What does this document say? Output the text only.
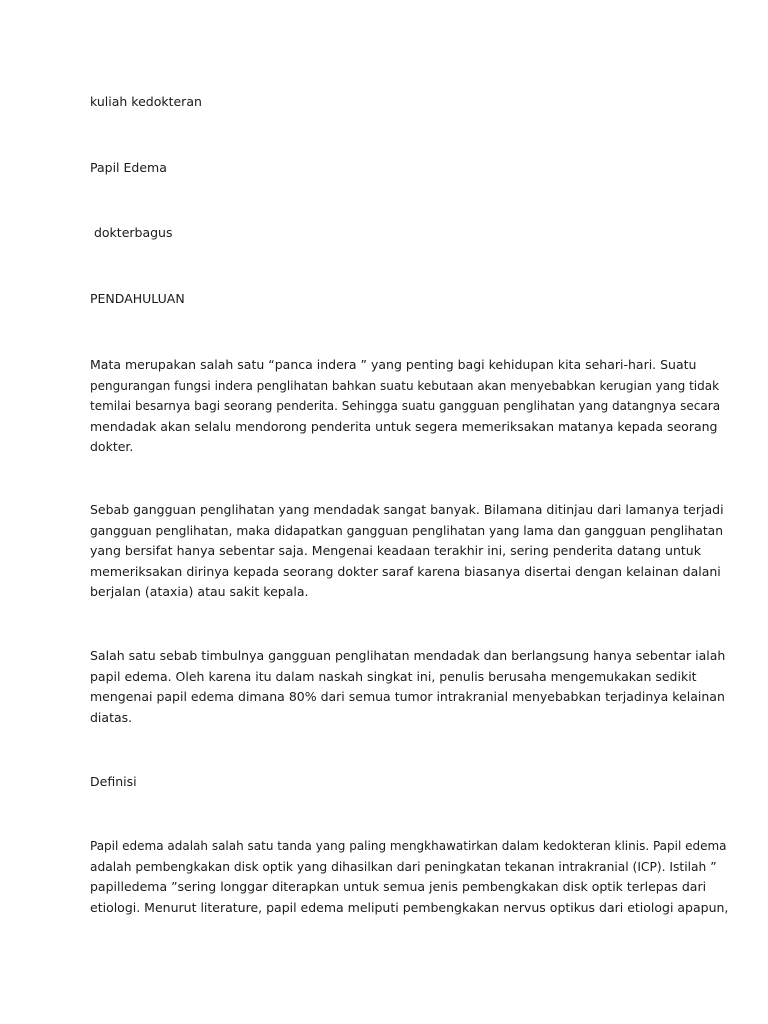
kuliah kedokteran

Papil Edema

dokterbagus

PENDAHULUAN

Mata merupakan salah satu “panca indera ” yang penting bagi kehidupan kita sehari-hari. Suatu
pengurangan fungsi indera penglihatan bahkan suatu kebutaan akan menyebabkan kerugian yang tidak
temilai besarnya bagi seorang penderita. Sehingga suatu gangguan penglihatan yang datangnya secara
mendadak akan selalu mendorong penderita untuk segera memeriksakan matanya kepada seorang
dokter.
Sebab gangguan penglihatan yang mendadak sangat banyak. Bilamana ditinjau dari lamanya terjadi
gangguan penglihatan, maka didapatkan gangguan penglihatan yang lama dan gangguan penglihatan
yang bersifat hanya sebentar saja. Mengenai keadaan terakhir ini, sering penderita datang untuk
memeriksakan dirinya kepada seorang dokter saraf karena biasanya disertai dengan kelainan dalani
berjalan (ataxia) atau sakit kepala.
Salah satu sebab timbulnya gangguan penglihatan mendadak dan berlangsung hanya sebentar ialah
papil edema. Oleh karena itu dalam naskah singkat ini, penulis berusaha mengemukakan sedikit
mengenai papil edema dimana 80% dari semua tumor intrakranial menyebabkan terjadinya kelainan
diatas.

Definisi

Papil edema adalah salah satu tanda yang paling mengkhawatirkan dalam kedokteran klinis. Papil edema
adalah pembengkakan disk optik yang dihasilkan dari peningkatan tekanan intrakranial (ICP). Istilah ”
papilledema ”sering longgar diterapkan untuk semua jenis pembengkakan disk optik terlepas dari
etiologi. Menurut literature, papil edema meliputi pembengkakan nervus optikus dari etiologi apapun,
